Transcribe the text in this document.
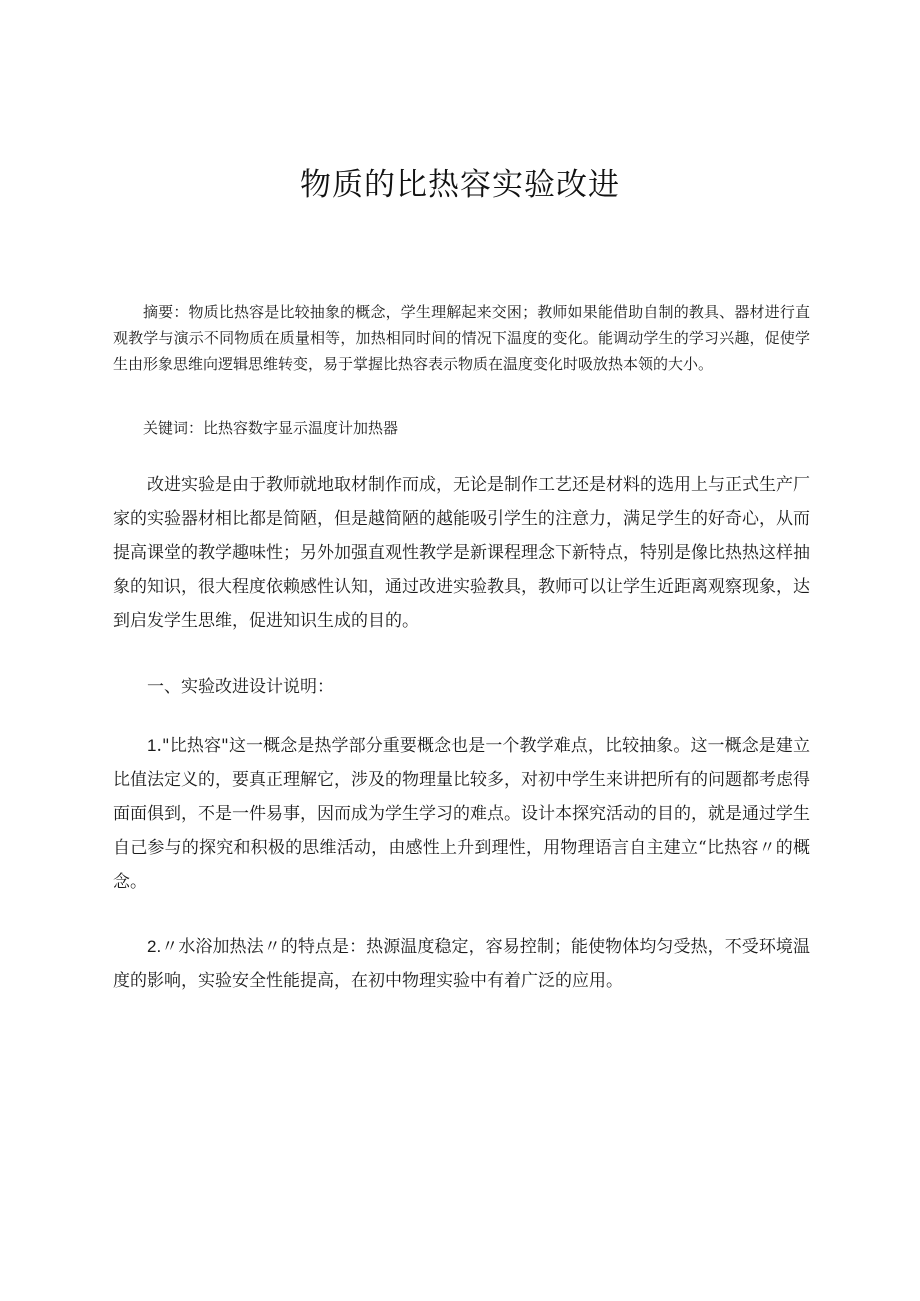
物质的比热容实验改进

摘要：物质比热容是比较抽象的概念，学生理解起来交困；教师如果能借助自制的教具、器材进行直观教学与演示不同物质在质量相等，加热相同时间的情况下温度的变化。能调动学生的学习兴趣，促使学生由形象思维向逻辑思维转变，易于掌握比热容表示物质在温度变化时吸放热本领的大小。

关键词：比热容数字显示温度计加热器

改进实验是由于教师就地取材制作而成，无论是制作工艺还是材料的选用上与正式生产厂家的实验器材相比都是简陋，但是越简陋的越能吸引学生的注意力，满足学生的好奇心，从而提高课堂的教学趣味性；另外加强直观性教学是新课程理念下新特点，特别是像比热热这样抽象的知识，很大程度依赖感性认知，通过改进实验教具，教师可以让学生近距离观察现象，达到启发学生思维，促进知识生成的目的。

一、实验改进设计说明：

1."比热容"这一概念是热学部分重要概念也是一个教学难点，比较抽象。这一概念是建立比值法定义的，要真正理解它，涉及的物理量比较多，对初中学生来讲把所有的问题都考虑得面面俱到，不是一件易事，因而成为学生学习的难点。设计本探究活动的目的，就是通过学生自己参与的探究和积极的思维活动，由感性上升到理性，用物理语言自主建立“比热容〃的概念。

2.〃水浴加热法〃的特点是：热源温度稳定，容易控制；能使物体均匀受热，不受环境温度的影响，实验安全性能提高，在初中物理实验中有着广泛的应用。
